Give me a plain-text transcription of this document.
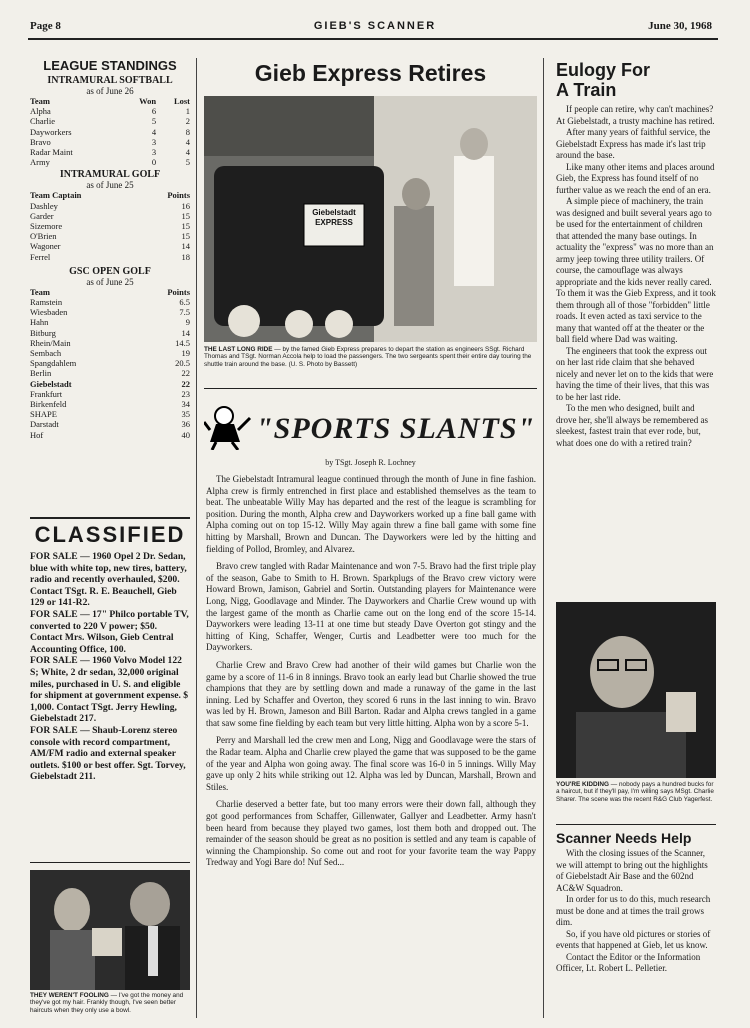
Page 8	GIEB'S SCANNER	June 30, 1968
LEAGUE STANDINGS
INTRAMURAL SOFTBALL
as of June 26
Team	Won	Lost
Alpha	6	1
Charlie	5	2
Dayworkers	4	8
Bravo	3	4
Radar Maint	3	4
Army	0	5
INTRAMURAL GOLF
as of June 25
Team Captain	Points
Dashley	16
Garder	15
Sizemore	15
O'Brien	15
Wagoner	14
Ferrel	18
GSC OPEN GOLF
as of June 25
Team	Points
Ramstein	6.5
Wiesbaden	7.5
Hahn	9
Bitburg	14
Rhein/Main	14.5
Sembach	19
Spangdahlem	20.5
Berlin	22
Giebelstadt	22
Frankfurt	23
Birkenfeld	34
SHAPE	35
Darstadt	36
Hof	40
CLASSIFIED

FOR SALE — 1960 Opel 2 Dr. Sedan, blue with white top, new tires, battery, radio and recently overhauled, $200. Contact TSgt. R. E. Beauchell, Gieb 129 or 141-R2.

FOR SALE — 17" Philco portable TV, converted to 220 V power; $50. Contact Mrs. Wilson, Gieb Central Accounting Office, 100.

FOR SALE — 1960 Volvo Model 122 S; White, 2 dr sedan, 32,000 original miles, purchased in U. S. and eligible for shipment at government expense. $ 1,000. Contact TSgt. Jerry Hewling, Giebelstadt 217.

FOR SALE — Shaub-Lorenz stereo console with record compartment, AM/FM radio and external speaker outlets. $100 or best offer. Sgt. Torvey, Giebelstadt 211.

THEY WEREN'T FOOLING — I've got the money and they've got my hair. Frankly though, I've seen better haircuts when they only use a bowl.
Gieb Express Retires
Giebelstadt EXPRESS
THE LAST LONG RIDE — by the famed Gieb Express prepares to depart the station as engineers SSgt. Richard Thomas and TSgt. Norman Accola help to load the passengers. The two sergeants spent their entire day touring the shuttle train around the base. (U. S. Photo by Bassett)
"SPORTS SLANTS"
by TSgt. Joseph R. Lochney

The Giebelstadt Intramural league continued through the month of June in fine fashion. Alpha crew is firmly entrenched in first place and established themselves as the team to beat. The unbeatable Willy May has departed and the rest of the league is scrambling for position. During the month, Alpha crew and Dayworkers worked up a fine ball game with Alpha coming out on top 15-12. Willy May again threw a fine ball game with some fine hitting by Marshall, Brown and Duncan. The Dayworkers were led by the hitting and fielding of Pollod, Bromley, and Alvarez.

Bravo crew tangled with Radar Maintenance and won 7-5. Bravo had the first triple play of the season, Gabe to Smith to H. Brown. Sparkplugs of the Bravo crew victory were Howard Brown, Jamison, Gabriel and Sortin. Outstanding players for Maintenance were Long, Nigg, Goodlavage and Minder. The Dayworkers and Charlie Crew wound up with the largest game of the month as Charlie came out on the long end of the score 15-14. Dayworkers were leading 13-11 at one time but steady Dave Overton got stingy and the hitting of King, Schaffer, Wenger, Curtis and Leadbetter were too much for the Dayworkers.

Charlie Crew and Bravo Crew had another of their wild games but Charlie won the game by a score of 11-6 in 8 innings. Bravo took an early lead but Charlie showed the true champions that they are by settling down and made a runaway of the game in the last inning. Led by Schaffer and Overton, they scored 6 runs in the last inning to win. Bravo was led by H. Brown, Jameson and Bill Barton. Radar and Alpha crews tangled in a game that saw some fine fielding by each team but very little hitting. Alpha won by a score 5-1.

Perry and Marshall led the crew men and Long, Nigg and Goodlavage were the stars of the Radar team. Alpha and Charlie crew played the game that was supposed to be the game of the year and Alpha won going away. The final score was 16-0 in 5 innings. Willy May gave up only 2 hits while striking out 12. Alpha was led by Duncan, Marshall, Brown and Stiles.

Charlie deserved a better fate, but too many errors were their down fall, although they got good performances from Schaffer, Gillenwater, Gallyer and Leadbetter. Army hasn't been heard from because they played two games, lost them both and dropped out. The remainder of the season should be great as no position is settled and any team is capable of winning the Championship. So come out and root for your favorite team the way Pappy Tredway and Yogi Bare do! Nuf Sed...

Eulogy For
A Train

If people can retire, why can't machines? At Giebelstadt, a trusty machine has retired.

After many years of faithful service, the Giebelstadt Express has made it's last trip around the base.

Like many other items and places around Gieb, the Express has found itself of no further value as we reach the end of an era.

A simple piece of machinery, the train was designed and built several years ago to be used for the entertainment of children that attended the many base outings. In actuality the "express" was no more than an army jeep towing three utility trailers. Of course, the camouflage was always appropriate and the kids never really cared. To them it was the Gieb Express, and it took them through all of those "forbidden" little roads. It even acted as taxi service to the many that wanted off at the theater or the ball field where Dad was waiting.

The engineers that took the express out on her last ride claim that she behaved nicely and never let on to the kids that were having the time of their lives, that this was to be her last ride.

To the men who designed, built and drove her, she'll always be remembered as sleekest, fastest train that ever rode, but, what does one do with a retired train?

YOU'RE KIDDING — nobody pays a hundred bucks for a haircut, but if they'll pay, I'm willing says MSgt. Charlie Sharer. The scene was the recent R&G Club Yagerfest.
Scanner Needs Help

With the closing issues of the Scanner, we will attempt to bring out the highlights of Giebelstadt Air Base and the 602nd AC&W Squadron.

In order for us to do this, much research must be done and at times the trail grows dim.

So, if you have old pictures or stories of events that happened at Gieb, let us know.

Contact the Editor or the Information Officer, Lt. Robert L. Pelletier.
